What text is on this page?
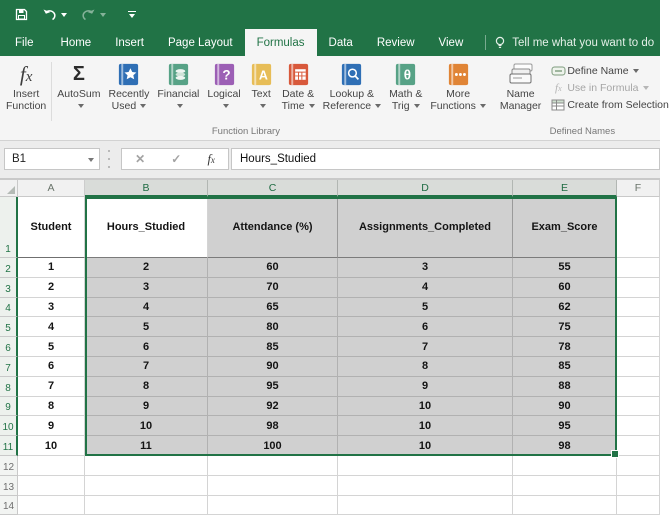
File	Home	Insert	Page Layout	Formulas	Data	Review	View	Tell me what you want to do
fx
Insert
Function
Σ
AutoSum Recently
Used
Financial
?
Logical
A
Text Date &
Time
Lookup &
Reference
θ
Math &
Trig
More
Functions
Function Library
Name
Manager
Define Name
fx Use in Formula
Create from Selection
Defined Names
B1	✕ ✓ fx Hours_Studied
A	B	C	D	E	F
1
Student	Hours_Studied	Attendance (%)	Assignments_Completed	Exam_Score
2	1	2	60	3	55
3	2	3	70	4	60
4	3	4	65	5	62
5	4	5	80	6	75
6	5	6	85	7	78
7	6	7	90	8	85
8	7	8	95	9	88
9	8	9	92	10	90
10	9	10	98	10	95
11	10	11	100	10	98
12
13
14
